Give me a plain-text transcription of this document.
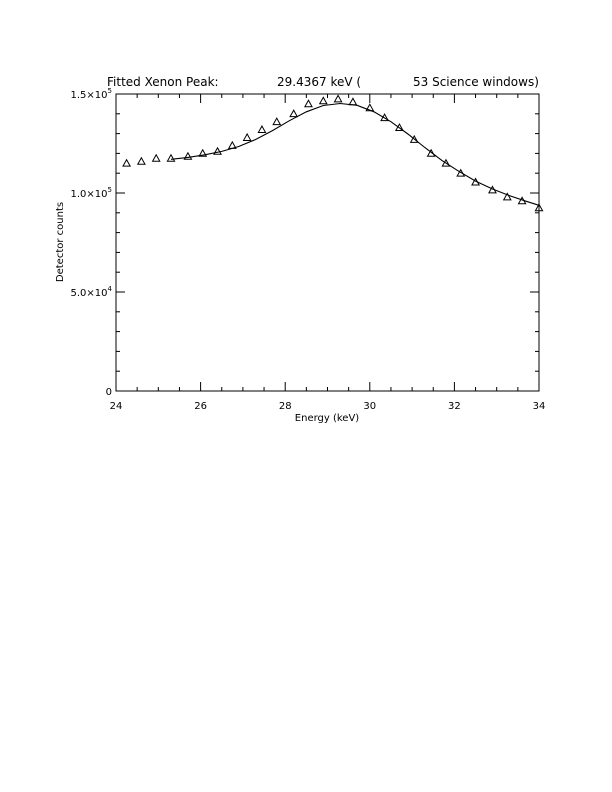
Fitted Xenon Peak:	29.4367 keV (	53 Science windows)
24	26	28	30	32	34
0
$5.0\times 10^4$
$1.0\times 10^5$
$1.5\times 10^5$
Energy (keV)
Detector counts
